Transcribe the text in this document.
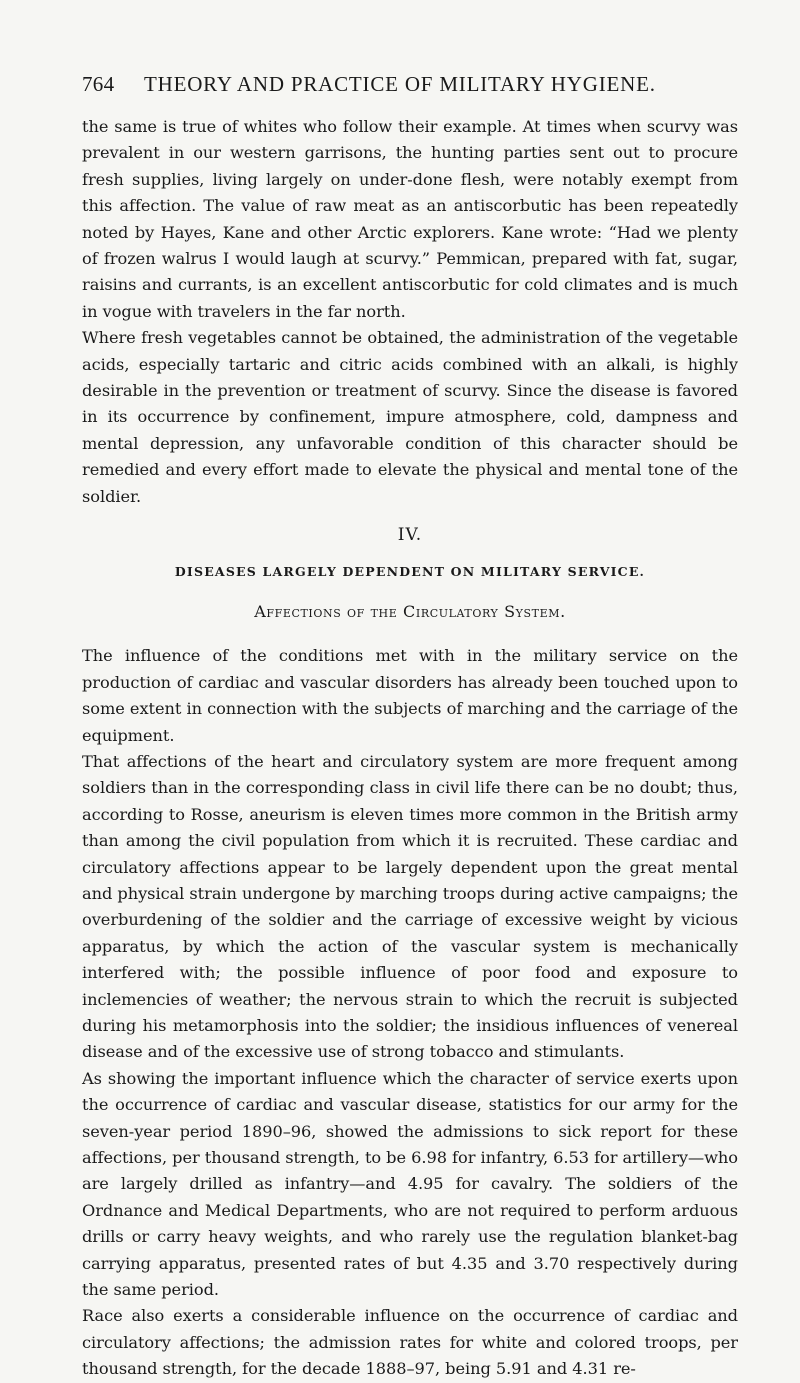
764	THEORY AND PRACTICE OF MILITARY HYGIENE.

the same is true of whites who follow their example. At times when scurvy was prevalent in our western garrisons, the hunting parties sent out to procure fresh supplies, living largely on under-done flesh, were notably exempt from this affection. The value of raw meat as an antiscorbutic has been repeatedly noted by Hayes, Kane and other Arctic explorers. Kane wrote: “Had we plenty of frozen walrus I would laugh at scurvy.” Pemmican, prepared with fat, sugar, raisins and currants, is an excellent antiscorbutic for cold climates and is much in vogue with travelers in the far north.

Where fresh vegetables cannot be obtained, the administration of the vegetable acids, especially tartaric and citric acids combined with an alkali, is highly desirable in the prevention or treatment of scurvy. Since the disease is favored in its occurrence by confinement, impure atmosphere, cold, dampness and mental depression, any unfavorable condition of this character should be remedied and every effort made to elevate the physical and mental tone of the soldier.

IV.
DISEASES LARGELY DEPENDENT ON MILITARY SERVICE.
Affections of the Circulatory System.

The influence of the conditions met with in the military service on the production of cardiac and vascular disorders has already been touched upon to some extent in connection with the subjects of marching and the carriage of the equipment.

That affections of the heart and circulatory system are more frequent among soldiers than in the corresponding class in civil life there can be no doubt; thus, according to Rosse, aneurism is eleven times more common in the British army than among the civil population from which it is recruited. These cardiac and circulatory affections appear to be largely dependent upon the great mental and physical strain undergone by marching troops during active campaigns; the overburdening of the soldier and the carriage of excessive weight by vicious apparatus, by which the action of the vascular system is mechanically interfered with; the possible influence of poor food and exposure to inclemencies of weather; the nervous strain to which the recruit is subjected during his metamorphosis into the soldier; the insidious influences of venereal disease and of the excessive use of strong tobacco and stimulants.

As showing the important influence which the character of service exerts upon the occurrence of cardiac and vascular disease, statistics for our army for the seven-year period 1890–96, showed the admissions to sick report for these affections, per thousand strength, to be 6.98 for infantry, 6.53 for artillery—who are largely drilled as infantry—and 4.95 for cavalry. The soldiers of the Ordnance and Medical Departments, who are not required to perform arduous drills or carry heavy weights, and who rarely use the regulation blanket-bag carrying apparatus, presented rates of but 4.35 and 3.70 respectively during the same period.

Race also exerts a considerable influence on the occurrence of cardiac and circulatory affections; the admission rates for white and colored troops, per thousand strength, for the decade 1888–97, being 5.91 and 4.31 re-
